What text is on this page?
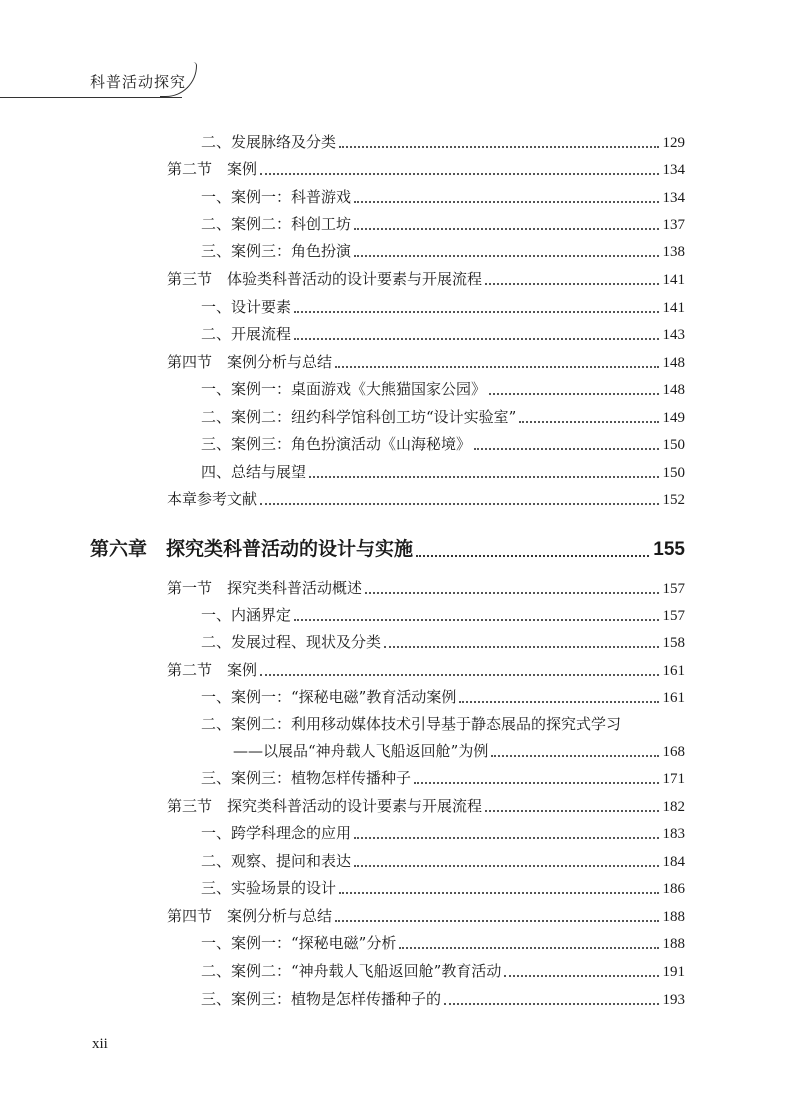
科普活动探究
二、发展脉络及分类	129
第二节　案例	134
一、案例一：科普游戏	134
二、案例二：科创工坊	137
三、案例三：角色扮演	138
第三节　体验类科普活动的设计要素与开展流程	141
一、设计要素	141
二、开展流程	143
第四节　案例分析与总结	148
一、案例一：桌面游戏《大熊猫国家公园》	148
二、案例二：纽约科学馆科创工坊“设计实验室”	149
三、案例三：角色扮演活动《山海秘境》	150
四、总结与展望	150
本章参考文献	152
第六章　探究类科普活动的设计与实施	155
第一节　探究类科普活动概述	157
一、内涵界定	157
二、发展过程、现状及分类	158
第二节　案例	161
一、案例一：“探秘电磁”教育活动案例	161
二、案例二：利用移动媒体技术引导基于静态展品的探究式学习
——以展品“神舟载人飞船返回舱”为例	168
三、案例三：植物怎样传播种子	171
第三节　探究类科普活动的设计要素与开展流程	182
一、跨学科理念的应用	183
二、观察、提问和表达	184
三、实验场景的设计	186
第四节　案例分析与总结	188
一、案例一：“探秘电磁”分析	188
二、案例二：“神舟载人飞船返回舱”教育活动	191
三、案例三：植物是怎样传播种子的	193
xii
